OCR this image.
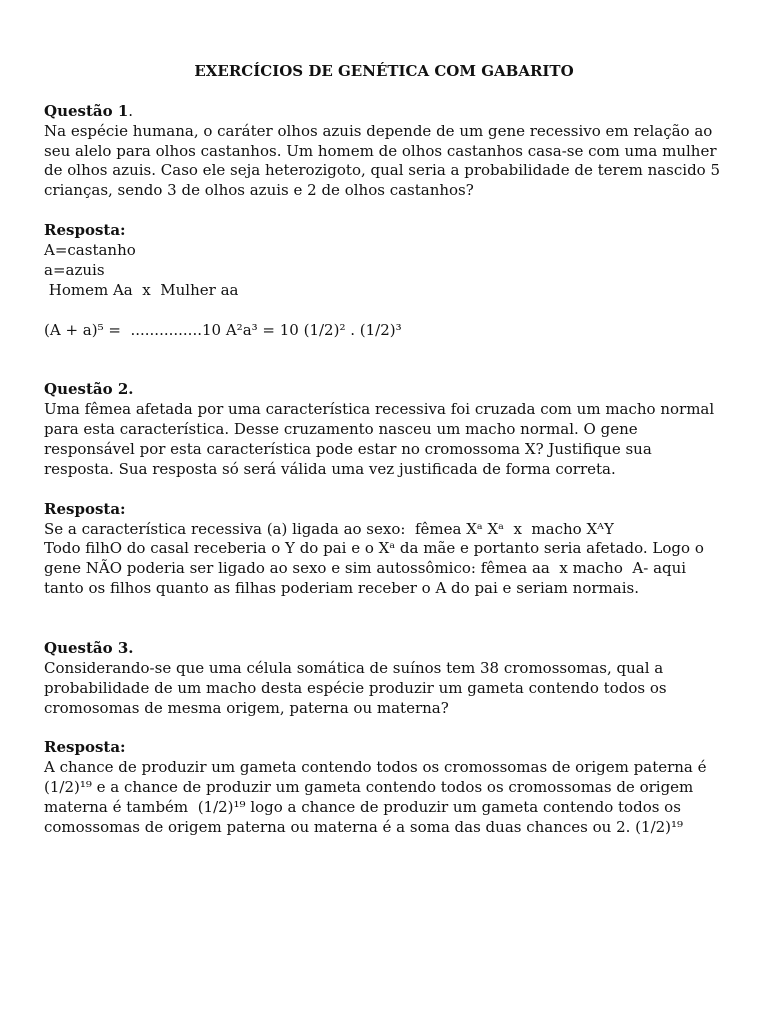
EXERCÍCIOS DE GENÉTICA COM GABARITO
Questão 1.
Na espécie humana, o caráter olhos azuis depende de um gene recessivo em relação ao
seu alelo para olhos castanhos. Um homem de olhos castanhos casa-se com uma mulher
de olhos azuis. Caso ele seja heterozigoto, qual seria a probabilidade de terem nascido 5
crianças, sendo 3 de olhos azuis e 2 de olhos castanhos?
Resposta:
A=castanho
a=azuis
Homem Aa  x  Mulher aa
(A + a)⁵ =  ...............10 A²a³ = 10 (1/2)² . (1/2)³
Questão 2.
Uma fêmea afetada por uma característica recessiva foi cruzada com um macho normal
para esta característica. Desse cruzamento nasceu um macho normal. O gene
responsável por esta característica pode estar no cromossoma X? Justifique sua
resposta. Sua resposta só será válida uma vez justificada de forma correta.
Resposta:
Se a característica recessiva (a) ligada ao sexo:  fêmea Xᵃ Xᵃ  x  macho XᴬY
Todo filhO do casal receberia o Y do pai e o Xᵃ da mãe e portanto seria afetado. Logo o
gene NÃO poderia ser ligado ao sexo e sim autossômico: fêmea aa  x macho  A- aqui
tanto os filhos quanto as filhas poderiam receber o A do pai e seriam normais.
Questão 3.
Considerando-se que uma célula somática de suínos tem 38 cromossomas, qual a
probabilidade de um macho desta espécie produzir um gameta contendo todos os
cromosomas de mesma origem, paterna ou materna?
Resposta:
A chance de produzir um gameta contendo todos os cromossomas de origem paterna é
(1/2)¹⁹ e a chance de produzir um gameta contendo todos os cromossomas de origem
materna é também  (1/2)¹⁹ logo a chance de produzir um gameta contendo todos os
comossomas de origem paterna ou materna é a soma das duas chances ou 2. (1/2)¹⁹
